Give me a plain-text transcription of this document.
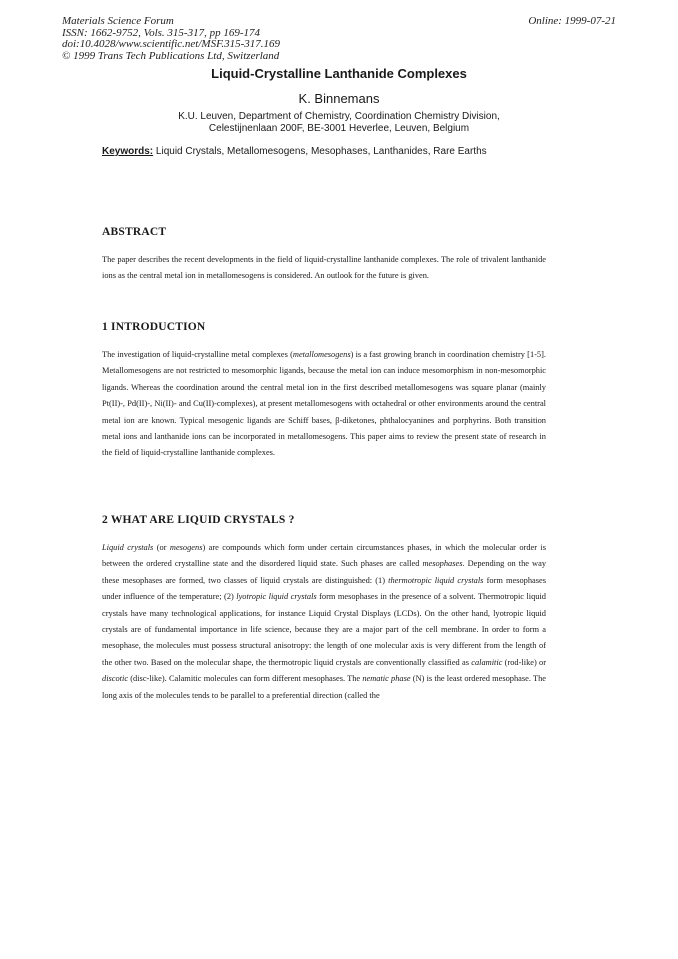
Materials Science Forum
ISSN: 1662-9752, Vols. 315-317, pp 169-174
doi:10.4028/www.scientific.net/MSF.315-317.169
© 1999 Trans Tech Publications Ltd, Switzerland
Online: 1999-07-21
Liquid-Crystalline Lanthanide Complexes
K. Binnemans
K.U. Leuven, Department of Chemistry, Coordination Chemistry Division,
Celestijnenlaan 200F, BE-3001 Heverlee, Leuven, Belgium
Keywords: Liquid Crystals, Metallomesogens, Mesophases, Lanthanides, Rare Earths
ABSTRACT

The paper describes the recent developments in the field of liquid-crystalline lanthanide complexes. The role of trivalent lanthanide ions as the central metal ion in metallomesogens is considered. An outlook for the future is given.

1 INTRODUCTION

The investigation of liquid-crystalline metal complexes (metallomesogens) is a fast growing branch in coordination chemistry [1-5]. Metallomesogens are not restricted to mesomorphic ligands, because the metal ion can induce mesomorphism in non-mesomorphic ligands. Whereas the coordination around the central metal ion in the first described metallomesogens was square planar (mainly Pt(II)-, Pd(II)-, Ni(II)- and Cu(II)-complexes), at present metallomesogens with octahedral or other environments around the central metal ion are known. Typical mesogenic ligands are Schiff bases, β-diketones, phthalocyanines and porphyrins. Both transition metal ions and lanthanide ions can be incorporated in metallomesogens. This paper aims to review the present state of research in the field of liquid-crystalline lanthanide complexes.

2 WHAT ARE LIQUID CRYSTALS ?

Liquid crystals (or mesogens) are compounds which form under certain circumstances phases, in which the molecular order is between the ordered crystalline state and the disordered liquid state. Such phases are called mesophases. Depending on the way these mesophases are formed, two classes of liquid crystals are distinguished: (1) thermotropic liquid crystals form mesophases under influence of the temperature; (2) lyotropic liquid crystals form mesophases in the presence of a solvent. Thermotropic liquid crystals have many technological applications, for instance Liquid Crystal Displays (LCDs). On the other hand, lyotropic liquid crystals are of fundamental importance in life science, because they are a major part of the cell membrane. In order to form a mesophase, the molecules must possess structural anisotropy: the length of one molecular axis is very different from the length of the other two. Based on the molecular shape, the thermotropic liquid crystals are conventionally classified as calamitic (rod-like) or discotic (disc-like). Calamitic molecules can form different mesophases. The nematic phase (N) is the least ordered mesophase. The long axis of the molecules tends to be parallel to a preferential direction (called the
